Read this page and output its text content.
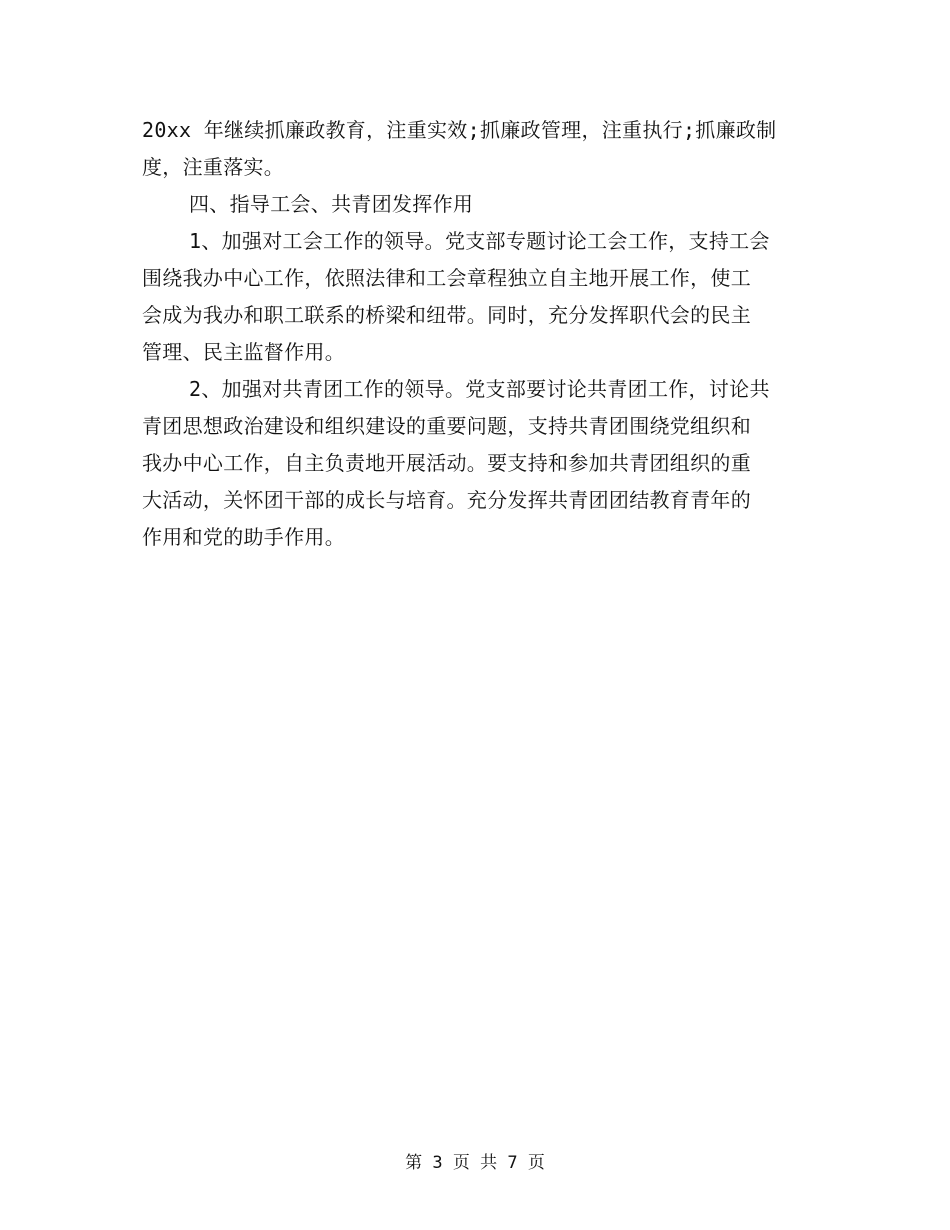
20xx 年继续抓廉政教育，注重实效;抓廉政管理，注重执行;抓廉政制
度，注重落实。
四、指导工会、共青团发挥作用
1、加强对工会工作的领导。党支部专题讨论工会工作，支持工会
围绕我办中心工作，依照法律和工会章程独立自主地开展工作，使工
会成为我办和职工联系的桥梁和纽带。同时，充分发挥职代会的民主
管理、民主监督作用。
2、加强对共青团工作的领导。党支部要讨论共青团工作，讨论共
青团思想政治建设和组织建设的重要问题，支持共青团围绕党组织和
我办中心工作，自主负责地开展活动。要支持和参加共青团组织的重
大活动，关怀团干部的成长与培育。充分发挥共青团团结教育青年的
作用和党的助手作用。
第 3 页 共 7 页
